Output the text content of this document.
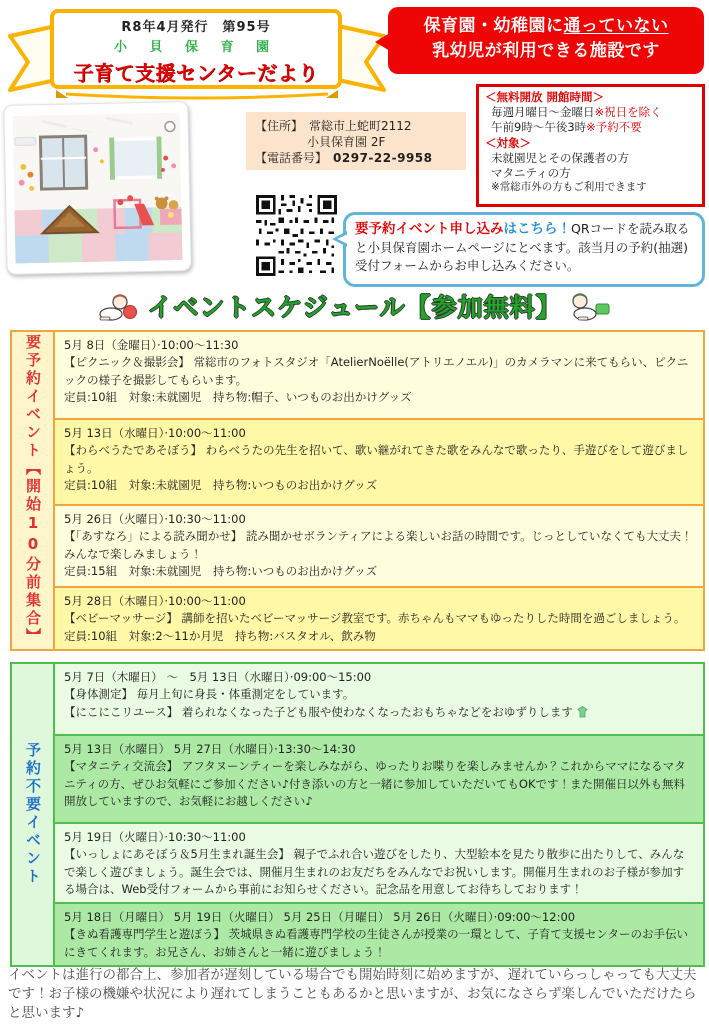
R8年4月発行　第95号
小 貝 保 育 園
子育て支援センターだより
保育園・幼稚園に通っていない
乳幼児が利用できる施設です
【住所】　 常総市上蛇町2112
小貝保育園 2F
【電話番号】　 0297-22-9958
＜無料開放 開館時間＞
毎週月曜日～金曜日※祝日を除く
午前9時～午後3時※予約不要
＜対象＞
未就園児とその保護者の方
マタニティの方
※常総市外の方もご利用できます
要予約イベント申し込みはこちら！QRコードを読み取ると小貝保育園ホームページにとべます。該当月の予約(抽選)受付フォームからお申し込みください。
イベントスケジュール【参加無料】
要予約イベント【開始10分前集合】 5月 8日（金曜日）·10:00～11:30
【ピクニック＆撮影会】 常総市のフォトスタジオ「AtelierNoëlle(アトリエノエル)」のカメラマンに来てもらい、ピクニックの様子を撮影してもらいます。
定員:10組　対象:未就園児　持ち物:帽子、いつものお出かけグッズ
5月 13日（水曜日）·10:00～11:00
【わらべうたであそぼう】 わらべうたの先生を招いて、歌い継がれてきた歌をみんなで歌ったり、手遊びをして遊びましょう。
定員:10組　対象:未就園児　持ち物:いつものお出かけグッズ
5月 26日（火曜日）·10:30～11:00
【「あすなろ」による読み聞かせ】 読み聞かせボランティアによる楽しいお話の時間です。じっとしていなくても大丈夫！みんなで楽しみましょう！
定員:15組　対象:未就園児　持ち物:いつものお出かけグッズ
5月 28日（木曜日）·10:00～11:00
【ベビーマッサージ】 講師を招いたベビーマッサージ教室です。赤ちゃんもママもゆったりした時間を過ごしましょう。
定員:10組　対象:2～11か月児　持ち物:バスタオル、飲み物
予約不要イベント
5月 7日（木曜日） ～　5月 13日（水曜日）·09:00～15:00
【身体測定】 毎月上旬に身長・体重測定をしています。
【にこにこリユース】 着られなくなった子ども服や使わなくなったおもちゃなどをおゆずりします
5月 13日（水曜日） 5月 27日（水曜日）·13:30～14:30
【マタニティ交流会】 アフタヌーンティーを楽しみながら、ゆったりお喋りを楽しみませんか？これからママになるマタニティの方、ぜひお気軽にご参加ください♪付き添いの方と一緒に参加していただいてもOKです！また開催日以外も無料開放していますので、お気軽にお越しください♪
5月 19日（火曜日）·10:30～11:00
【いっしょにあそぼう＆5月生まれ誕生会】 親子でふれ合い遊びをしたり、大型絵本を見たり散歩に出たりして、みんなで楽しく遊びましょう。誕生会では、開催月生まれのお友だちをみんなでお祝いします。開催月生まれのお子様が参加する場合は、Web受付フォームから事前にお知らせください。記念品を用意してお待ちしております！
5月 18日（月曜日） 5月 19日（火曜日） 5月 25日（月曜日） 5月 26日（火曜日）·09:00～12:00
【きぬ看護専門学生と遊ぼう】 茨城県きぬ看護専門学校の生徒さんが授業の一環として、子育て支援センターのお手伝いにきてくれます。お兄さん、お姉さんと一緒に遊びましょう！
イベントは進行の都合上、参加者が遅刻している場合でも開始時刻に始めますが、遅れていらっしゃっても大丈夫です！お子様の機嫌や状況により遅れてしまうこともあるかと思いますが、お気になさらず楽しんでいただけたらと思います♪
